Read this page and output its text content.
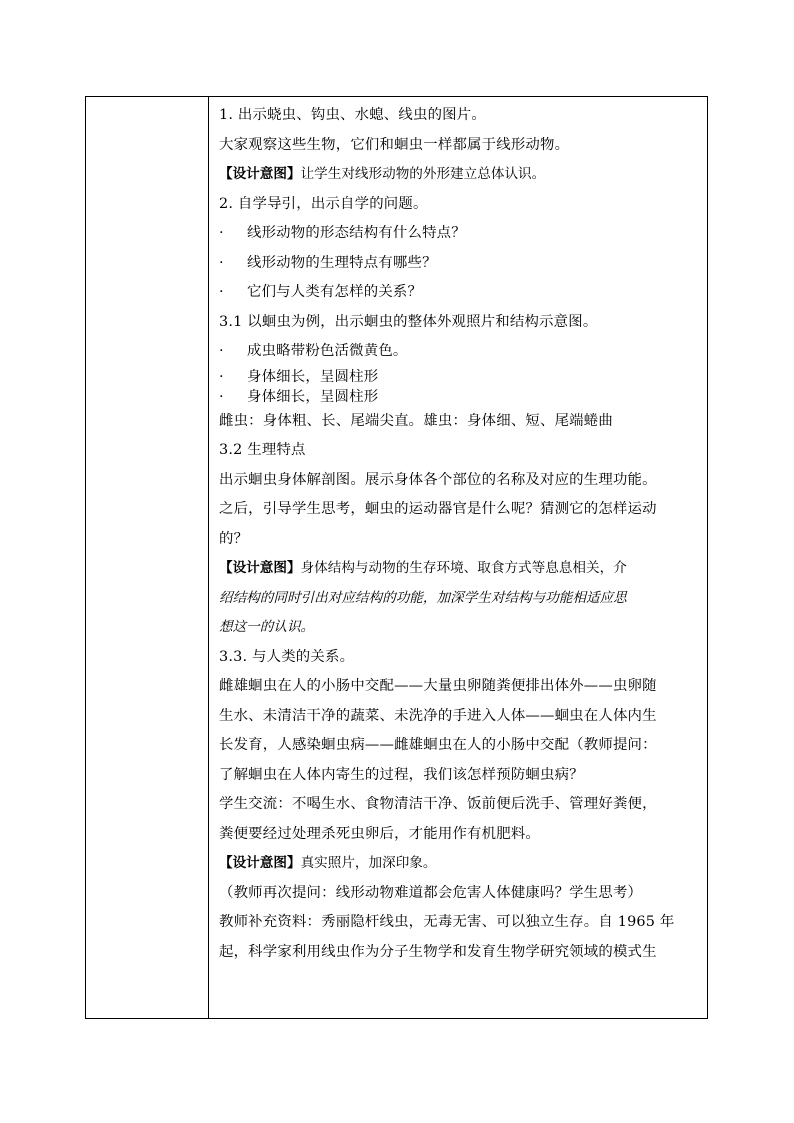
1. 出示蛲虫、钩虫、水螅、线虫的图片。
大家观察这些生物，它们和蛔虫一样都属于线形动物。
【设计意图】让学生对线形动物的外形建立总体认识。
2. 自学导引，出示自学的问题。
· 线形动物的形态结构有什么特点？
· 线形动物的生理特点有哪些？
· 它们与人类有怎样的关系？
3.1 以蛔虫为例，出示蛔虫的整体外观照片和结构示意图。
· 成虫略带粉色活微黄色。
· 身体细长，呈圆柱形
· 身体细长，呈圆柱形
雌虫：身体粗、长、尾端尖直。雄虫：身体细、短、尾端蜷曲
3.2 生理特点
出示蛔虫身体解剖图。展示身体各个部位的名称及对应的生理功能。
之后，引导学生思考，蛔虫的运动器官是什么呢？猜测它的怎样运动
的？
【设计意图】身体结构与动物的生存环境、取食方式等息息相关，介
绍结构的同时引出对应结构的功能，加深学生对结构与功能相适应思
想这一的认识。
3.3. 与人类的关系。
雌雄蛔虫在人的小肠中交配——大量虫卵随粪便排出体外——虫卵随
生水、未清洁干净的蔬菜、未洗净的手进入人体——蛔虫在人体内生
长发育，人感染蛔虫病——雌雄蛔虫在人的小肠中交配（教师提问：
了解蛔虫在人体内寄生的过程，我们该怎样预防蛔虫病？
学生交流：不喝生水、食物清洁干净、饭前便后洗手、管理好粪便，
粪便要经过处理杀死虫卵后，才能用作有机肥料。
【设计意图】真实照片，加深印象。
（教师再次提问：线形动物难道都会危害人体健康吗？学生思考）
教师补充资料：秀丽隐杆线虫，无毒无害、可以独立生存。自 1965 年
起，科学家利用线虫作为分子生物学和发育生物学研究领域的模式生
